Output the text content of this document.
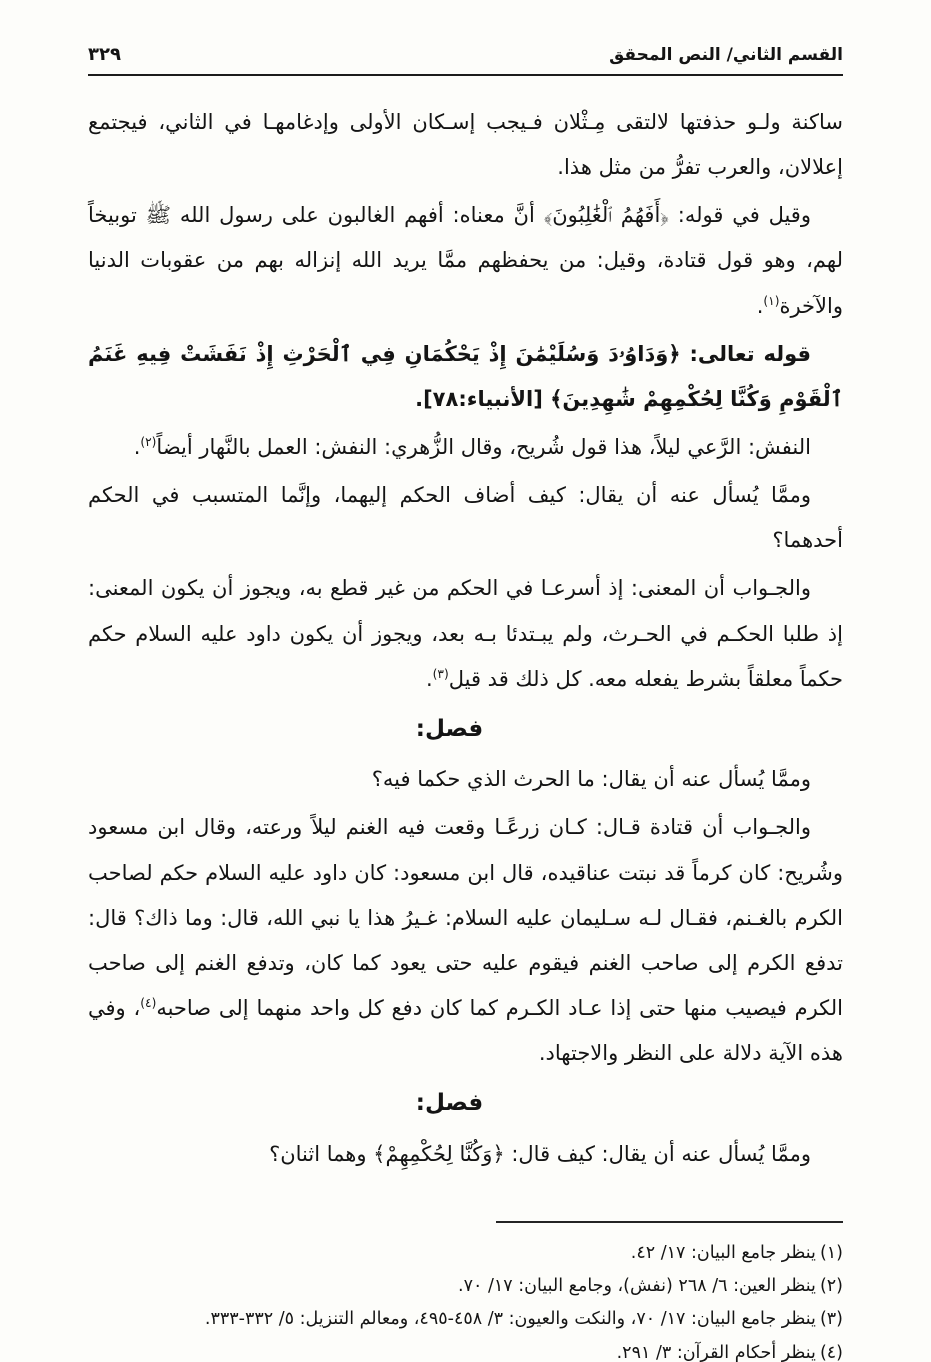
القسم الثاني/ النص المحقق
٣٢٩

ساكنة ولـو حذفتها لالتقى مِـثْلان فـيجب إسـكان الأولى وإدغامهـا في الثاني، فيجتمع إعلالان، والعرب تفرُّ من مثل هذا.

وقيل في قوله: ﴿أَفَهُمُ ٱلْغَٰلِبُونَ﴾ أنَّ معناه: أفهم الغالبون على رسول الله ﷺ توبيخاً لهم، وهو قول قتادة، وقيل: من يحفظهم ممَّا يريد الله إنزاله بهم من عقوبات الدنيا والآخرة$^{(١)}$.

قوله تعالى: ﴿وَدَاوُۥدَ وَسُلَيْمَٰنَ إِذْ يَحْكُمَانِ فِي ٱلْحَرْثِ إِذْ نَفَشَتْ فِيهِ غَنَمُ ٱلْقَوْمِ وَكُنَّا لِحُكْمِهِمْ شَٰهِدِينَ﴾ [الأنبياء:٧٨].

النفش: الرَّعي ليلاً، هذا قول شُريح، وقال الزُّهري: النفش: العمل بالنَّهار أيضاً$^{(٢)}$.

وممَّا يُسأل عنه أن يقال: كيف أضاف الحكم إليهما، وإنَّما المتسبب في الحكم أحدهما؟

والجـواب أن المعنى: إذ أسرعـا في الحكم من غير قطع به، ويجوز أن يكون المعنى: إذ طلبا الحكـم في الحـرث، ولم يبـتدئا بـه بعد، ويجوز أن يكون داود عليه السلام حكم حكماً معلقاً بشرط يفعله معه. كل ذلك قد قيل$^{(٣)}$.

فصل:

وممَّا يُسأل عنه أن يقال: ما الحرث الذي حكما فيه؟

والجـواب أن قتادة قـال: كـان زرعًـا وقعت فيه الغنم ليلاً ورعته، وقال ابن مسعود وشُريح: كان كرماً قد نبتت عناقيده، قال ابن مسعود: كان داود عليه السلام حكم لصاحب الكرم بالغـنم، فقـال لـه سـليمان عليه السلام: غـيرُ هذا يا نبي الله، قال: وما ذاك؟ قال: تدفع الكرم إلى صاحب الغنم فيقوم عليه حتى يعود كما كان، وتدفع الغنم إلى صاحب الكرم فيصيب منها حتى إذا عـاد الكـرم كما كان دفع كل واحد منهما إلى صاحبه$^{(٤)}$، وفي هذه الآية دلالة على النظر والاجتهاد.

فصل:

وممَّا يُسأل عنه أن يقال: كيف قال: ﴿وَكُنَّا لِحُكْمِهِمْ﴾ وهما اثنان؟

(١)ينظر جامع البيان: ١٧/ ٤٢.
(٢)ينظر العين: ٦/ ٢٦٨ (نفش)، وجامع البيان: ١٧/ ٧٠.
(٣)ينظر جامع البيان: ١٧/ ٧٠، والنكت والعيون: ٣/ ٤٥٨-٤٩٥، ومعالم التنزيل: ٥/ ٣٣٢-٣٣٣.
(٤)ينظر أحكام القرآن: ٣/ ٢٩١.
